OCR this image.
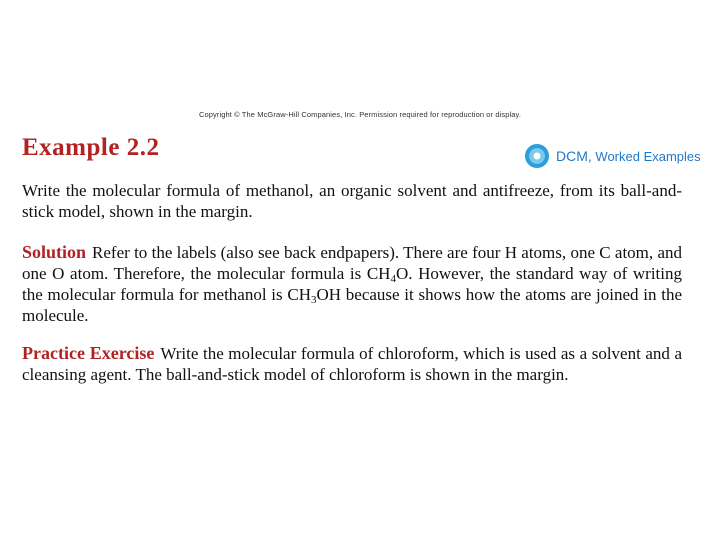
Copyright © The McGraw-Hill Companies, Inc. Permission required for reproduction or display.
Example 2.2	DCM, Worked Examples
Write the molecular formula of methanol, an organic solvent and antifreeze, from its ball-and-stick model, shown in the margin.
Solution Refer to the labels (also see back endpapers). There are four H atoms, one C atom, and one O atom. Therefore, the molecular formula is $CH_4O$. However, the standard way of writing the molecular formula for methanol is $CH_3OH$ because it shows how the atoms are joined in the molecule.
Practice Exercise Write the molecular formula of chloroform, which is used as a solvent and a cleansing agent. The ball-and-stick model of chloroform is shown in the margin.
